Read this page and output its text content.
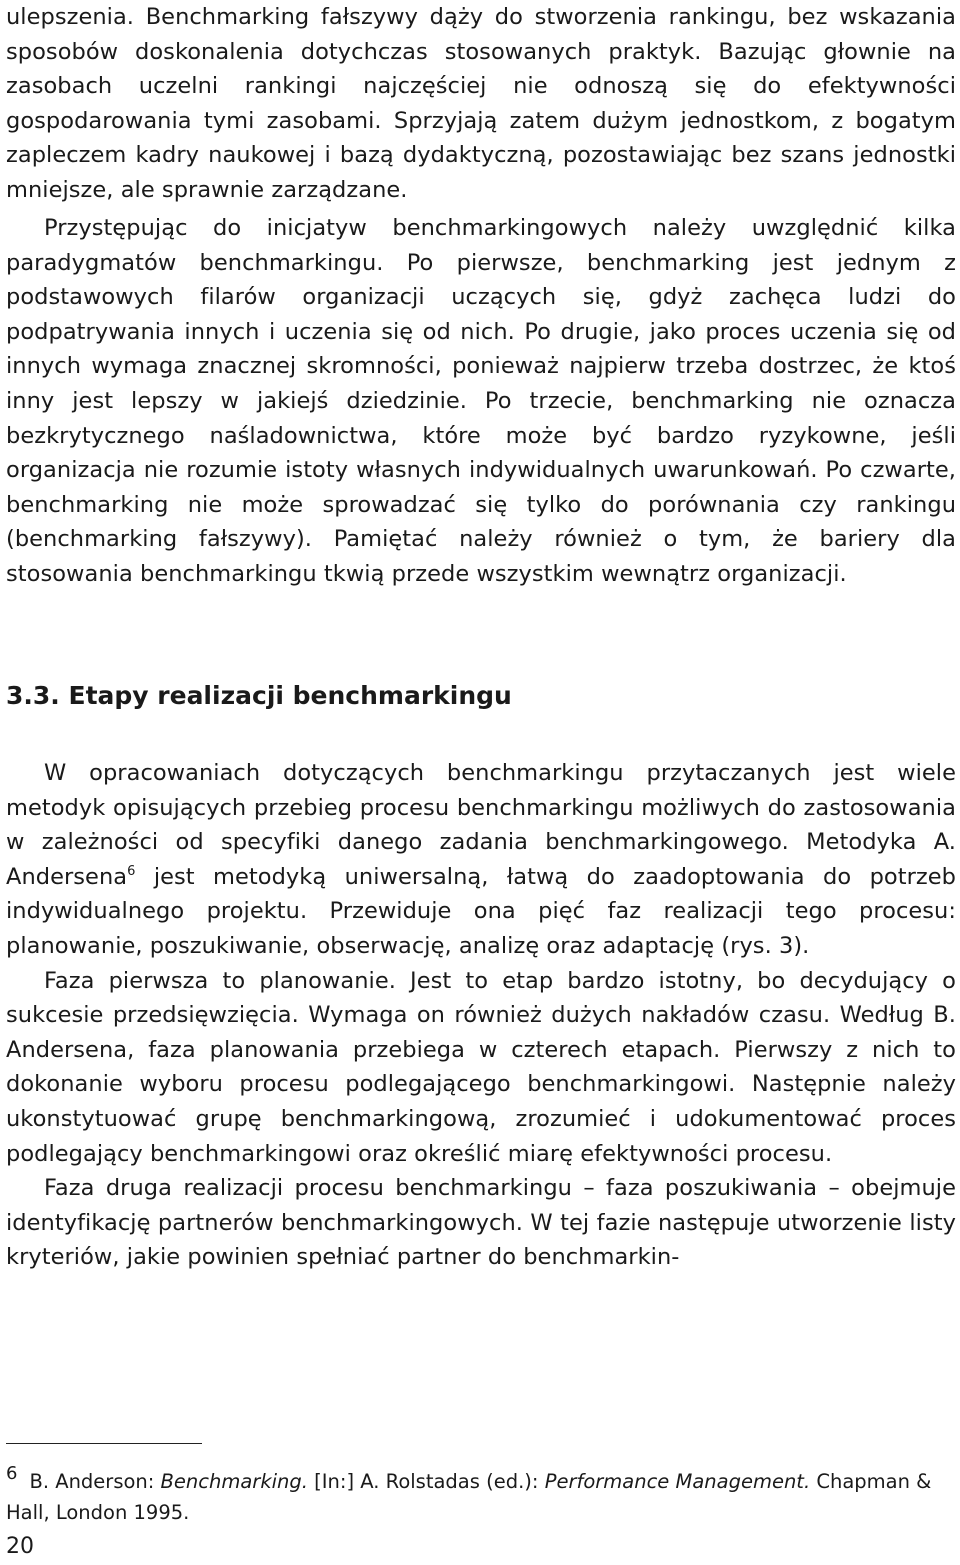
ulepszenia. Benchmarking fałszywy dąży do stworzenia rankingu, bez wskazania sposobów doskonalenia dotychczas stosowanych praktyk. Bazując głownie na zasobach uczelni rankingi najczęściej nie odnoszą się do efektywności gospodarowania tymi zasobami. Sprzyjają zatem dużym jednostkom, z bogatym zapleczem kadry naukowej i bazą dydaktyczną, pozostawiając bez szans jednostki mniejsze, ale sprawnie zarządzane.

Przystępując do inicjatyw benchmarkingowych należy uwzględnić kilka paradygmatów benchmarkingu. Po pierwsze, benchmarking jest jednym z podstawowych filarów organizacji uczących się, gdyż zachęca ludzi do podpatrywania innych i uczenia się od nich. Po drugie, jako proces uczenia się od innych wymaga znacznej skromności, ponieważ najpierw trzeba dostrzec, że ktoś inny jest lepszy w jakiejś dziedzinie. Po trzecie, benchmarking nie oznacza bezkrytycznego naśladownictwa, które może być bardzo ryzykowne, jeśli organizacja nie rozumie istoty własnych indywidualnych uwarunkowań. Po czwarte, benchmarking nie może sprowadzać się tylko do porównania czy rankingu (benchmarking fałszywy). Pamiętać należy również o tym, że bariery dla stosowania benchmarkingu tkwią przede wszystkim wewnątrz organizacji.

3.3. Etapy realizacji benchmarkingu

W opracowaniach dotyczących benchmarkingu przytaczanych jest wiele metodyk opisujących przebieg procesu benchmarkingu możliwych do zastosowania w zależności od specyfiki danego zadania benchmarkingowego. Metodyka A. Andersena$^6$ jest metodyką uniwersalną, łatwą do zaadoptowania do potrzeb indywidualnego projektu. Przewiduje ona pięć faz realizacji tego procesu: planowanie, poszukiwanie, obserwację, analizę oraz adaptację (rys. 3).

Faza pierwsza to planowanie. Jest to etap bardzo istotny, bo decydujący o sukcesie przedsięwzięcia. Wymaga on również dużych nakładów czasu. Według B. Andersena, faza planowania przebiega w czterech etapach. Pierwszy z nich to dokonanie wyboru procesu podlegającego benchmarkingowi. Następnie należy ukonstytuować grupę benchmarkingową, zrozumieć i udokumentować proces podlegający benchmarkingowi oraz określić miarę efektywności procesu.

Faza druga realizacji procesu benchmarkingu – faza poszukiwania – obejmuje identyfikację partnerów benchmarkingowych. W tej fazie następuje utworzenie listy kryteriów, jakie powinien spełniać partner do benchmarkin-

6 B. Anderson: Benchmarking. [In:] A. Rolstadas (ed.): Performance Management. Chapman & Hall, London 1995.

20
